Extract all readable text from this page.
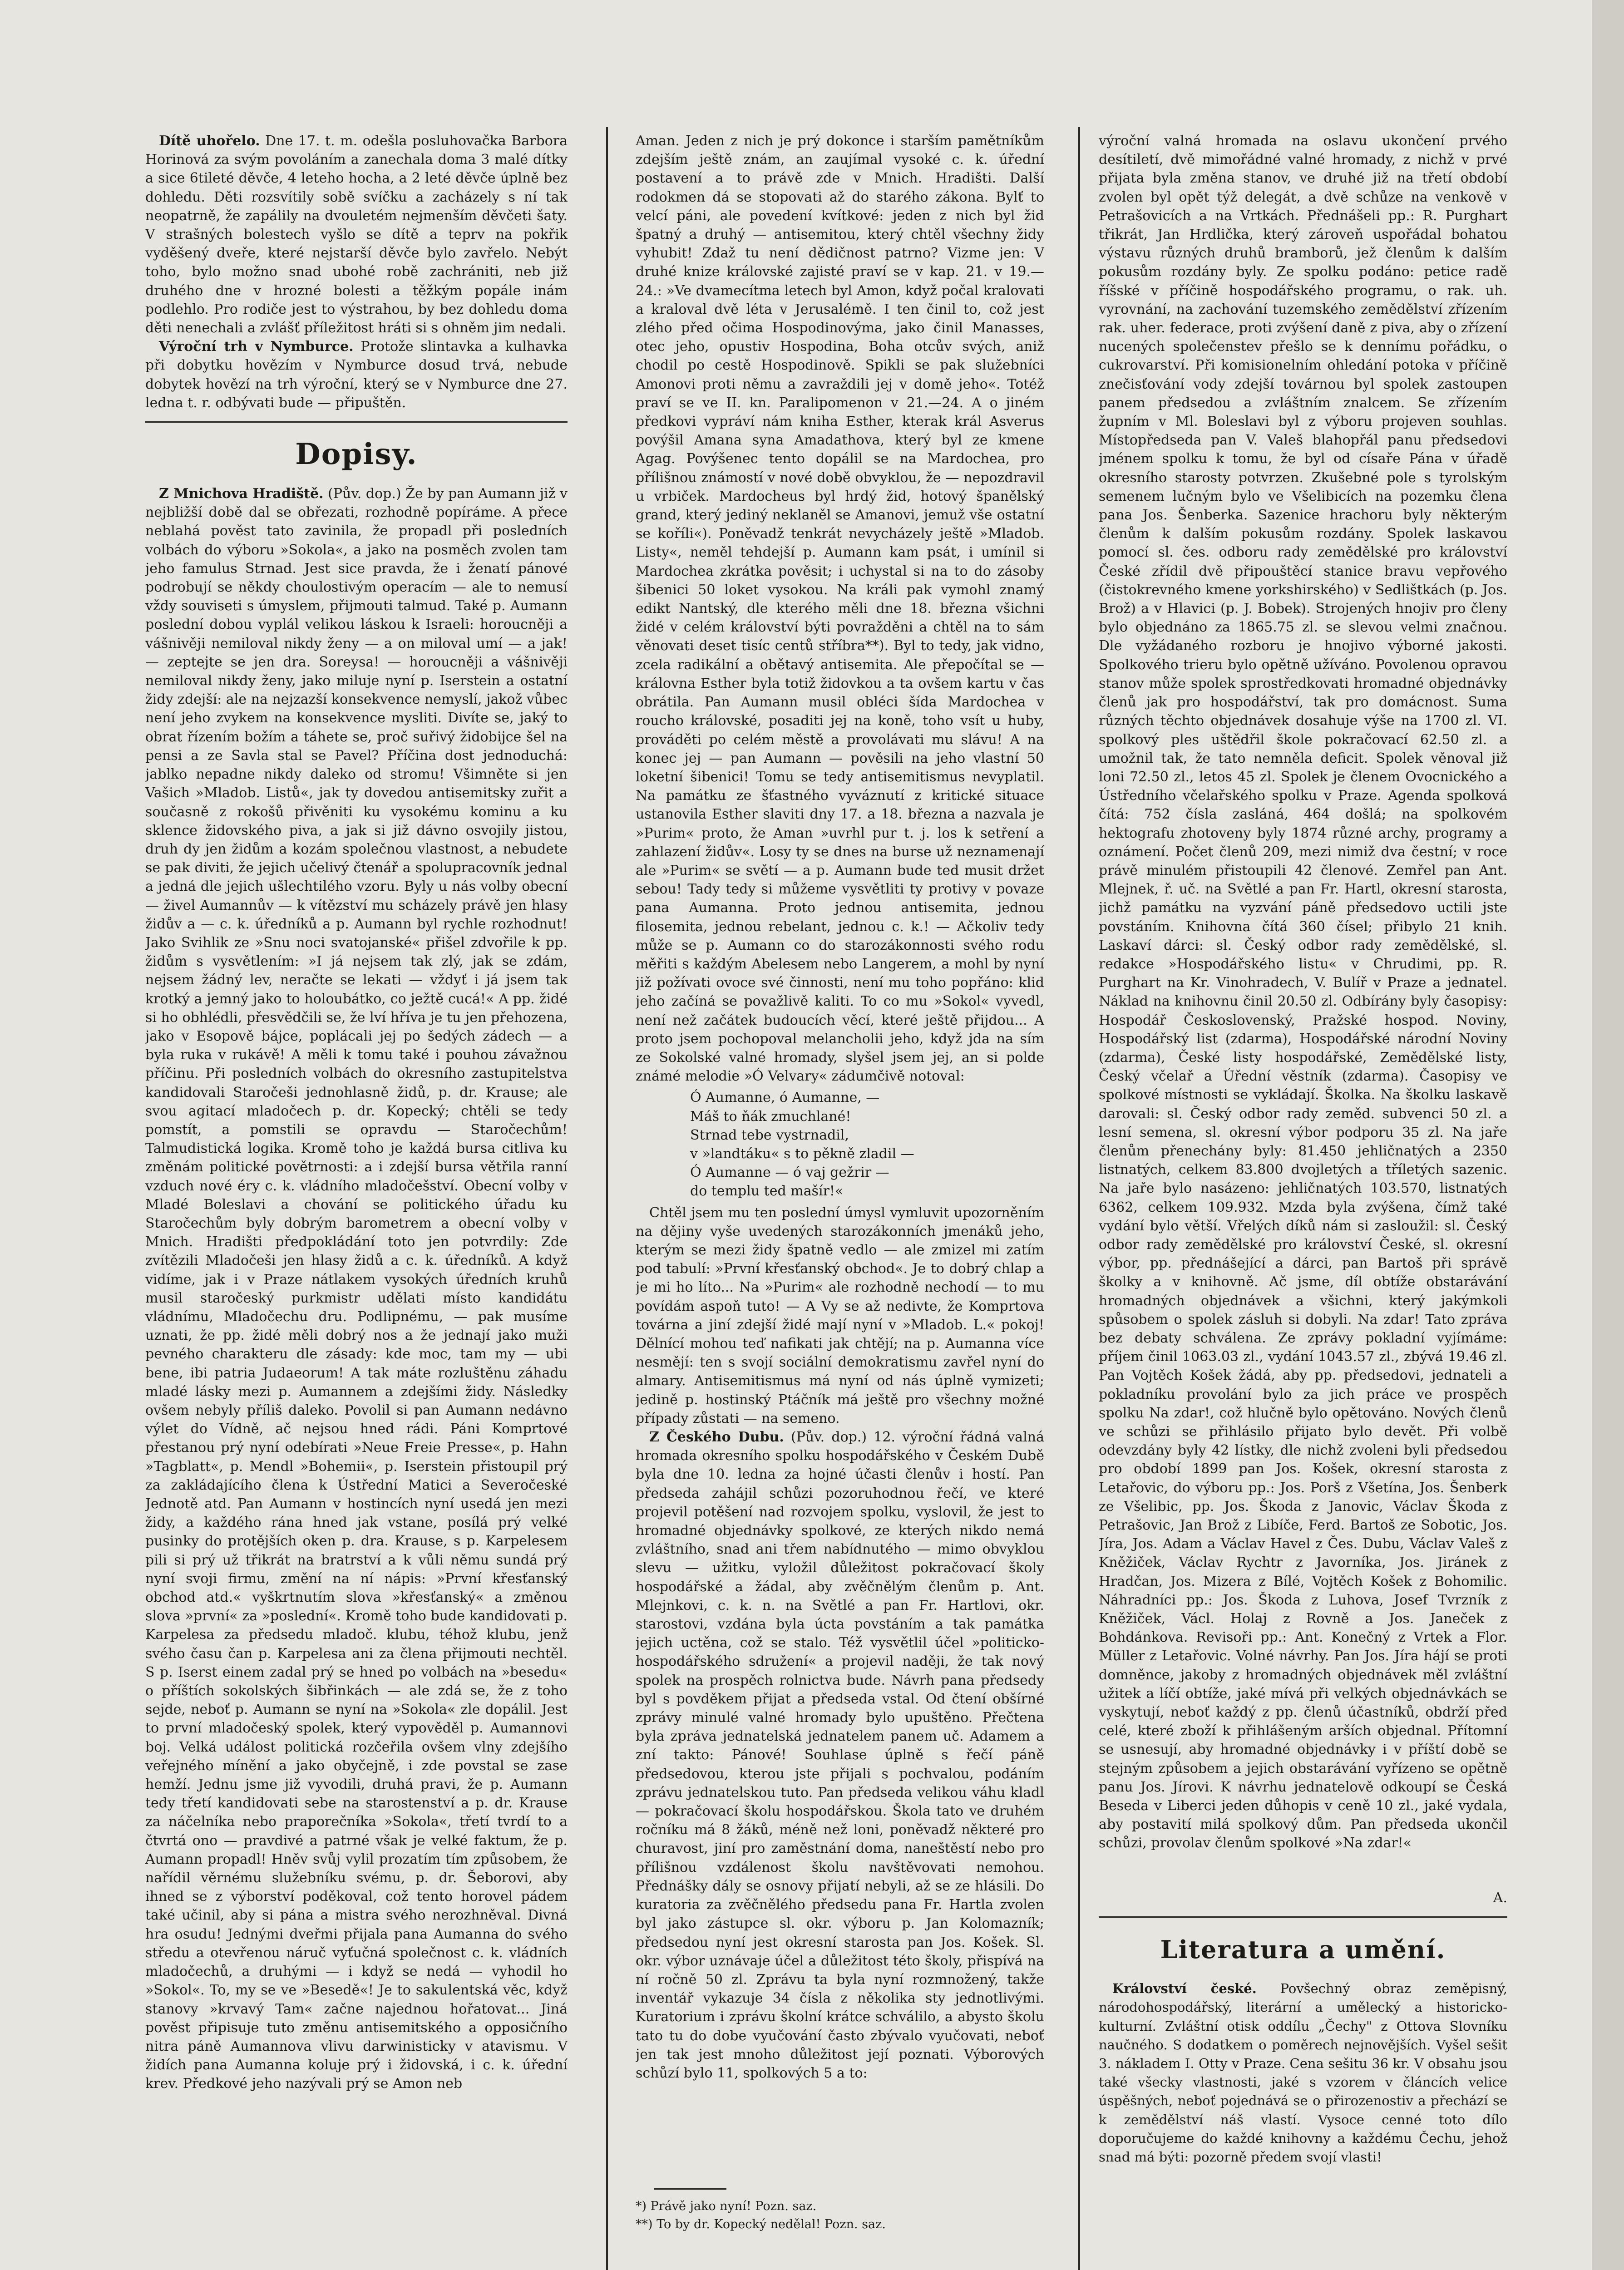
Dítě uhořelo. Dne 17. t. m. odešla posluhovačka Barbora Horinová za svým povoláním a zanechala doma 3 malé dítky a sice 6tileté děvče, 4 leteho hocha, a 2 leté děvče úplně bez dohledu. Děti rozsvítily sobě svíčku a zacházely s ní tak neopatrně, že zapálily na dvouletém nejmenším děvčeti šaty. V strašných bolestech vyšlo se dítě a teprv na pokřik vyděšený dveře, které nejstarší děvče bylo zavřelo. Nebýt toho, bylo možno snad ubohé robě zachrániti, neb již druhého dne v hrozné bolesti a těžkým popále inám podlehlo. Pro rodiče jest to výstrahou, by bez dohledu doma děti nenechali a zvlášť příležitost hráti si s ohněm jim nedali.

Výroční trh v Nymburce. Protože slintavka a kulhavka při dobytku hovězím v Nymburce dosud trvá, nebude dobytek hovězí na trh výroční, který se v Nymburce dne 27. ledna t. r. odbývati bude — připuštěn.

Dopisy.

Z Mnichova Hradiště. (Pův. dop.) Že by pan Aumann již v nejbližší době dal se obřezati, rozhodně popíráme. A přece neblahá pověst tato zavinila, že propadl při posledních volbách do výboru »Sokola«, a jako na posměch zvolen tam jeho famulus Strnad. Jest sice pravda, že i ženatí pánové podrobují se někdy choulostivým operacím — ale to nemusí vždy souviseti s úmyslem, přijmouti talmud. Také p. Aumann poslední dobou vyplál velikou láskou k Israeli: horoucněji a vášnivěji nemiloval nikdy ženy — a on miloval umí — a jak! — zeptejte se jen dra. Soreysa! — horoucněji a vášnivěji nemiloval nikdy ženy, jako miluje nyní p. Iserstein a ostatní židy zdejší: ale na nejzazší konsekvence nemyslí, jakož vůbec není jeho zvykem na konsekvence mysliti. Divíte se, jaký to obrat řízením božím a táhete se, proč suřivý židobijce šel na pensi a ze Savla stal se Pavel? Příčina dost jednoduchá: jablko nepadne nikdy daleko od stromu! Všimněte si jen Vašich »Mladob. Listů«, jak ty dovedou antisemitsky zuřit a současně z rokošů přivěniti ku vysokému kominu a ku sklence židovského piva, a jak si již dávno osvojily jistou, druh dy jen židům a kozám společnou vlastnost, a nebudete se pak diviti, že jejich učelivý čtenář a spolupracovník jednal a jedná dle jejich ušlechtilého vzoru. Byly u nás volby obecní — živel Aumannův — k vítězství mu scházely právě jen hlasy židův a — c. k. úředníků a p. Aumann byl rychle rozhodnut! Jako Svihlik ze »Snu noci svatojanské« přišel zdvořile k pp. židům s vysvětlením: »I já nejsem tak zlý, jak se zdám, nejsem žádný lev, neračte se lekati — vždyť i já jsem tak krotký a jemný jako to holoubátko, co ježtě cucá!« A pp. židé si ho obhlédli, přesvědčili se, že lví hříva je tu jen přehozena, jako v Esopově bájce, poplácali jej po šedých zádech — a byla ruka v rukávě! A měli k tomu také i pouhou závažnou příčinu. Při posledních volbách do okresního zastupitelstva kandidovali Staročeši jednohlasně židů, p. dr. Krause; ale svou agitací mladočech p. dr. Kopecký; chtěli se tedy pomstít, a pomstili se opravdu — Staročechům! Talmudistická logika. Kromě toho je každá bursa citliva ku změnám politické povětrnosti: a i zdejší bursa větřila ranní vzduch nové éry c. k. vládního mladočešství. Obecní volby v Mladé Boleslavi a chování se politického úřadu ku Staročechům byly dobrým barometrem a obecní volby v Mnich. Hradišti předpokládání toto jen potvrdily: Zde zvítězili Mladočeši jen hlasy židů a c. k. úředníků. A když vidíme, jak i v Praze nátlakem vysokých úředních kruhů musil staročeský purkmistr udělati místo kandidátu vládnímu, Mladočechu dru. Podlipnému, — pak musíme uznati, že pp. židé měli dobrý nos a že jednají jako muži pevného charakteru dle zásady: kde moc, tam my — ubi bene, ibi patria Judaeorum! A tak máte rozluštěnu záhadu mladé lásky mezi p. Aumannem a zdejšími židy. Následky ovšem nebyly příliš daleko. Povolil si pan Aumann nedávno výlet do Vídně, ač nejsou hned rádi. Páni Komprtové přestanou prý nyní odebírati »Neue Freie Presse«, p. Hahn »Tagblatt«, p. Mendl »Bohemii«, p. Iserstein přistoupil prý za zakládajícího člena k Ústřední Matici a Severočeské Jednotě atd. Pan Aumann v hostincích nyní usedá jen mezi židy, a každého rána hned jak vstane, posílá prý velké pusinky do protějších oken p. dra. Krause, s p. Karpelesem pili si prý už třikrát na bratrství a k vůli němu sundá prý nyní svoji firmu, změní na ní nápis: »První křesťanský obchod atd.« vyškrtnutím slova »křesťanský« a změnou slova »první« za »poslední«. Kromě toho bude kandidovati p. Karpelesa za předsedu mladoč. klubu, téhož klubu, jenž svého času čan p. Karpelesa ani za člena přijmouti nechtěl. S p. Iserst einem zadal prý se hned po volbách na »besedu« o příštích sokolských šibřinkách — ale zdá se, že z toho sejde, neboť p. Aumann se nyní na »Sokola« zle dopálil. Jest to první mladočeský spolek, který vypověděl p. Aumannovi boj. Velká událost politická rozčeřila ovšem vlny zdejšího veřejného mínění a jako obyčejně, i zde povstal se zase hemží. Jednu jsme již vyvodili, druhá pravi, že p. Aumann tedy třetí kandidovati sebe na starostenství a p. dr. Krause za náčelníka nebo praporečníka »Sokola«, třetí tvrdí to a čtvrtá ono — pravdivé a patrné však je velké faktum, že p. Aumann propadl! Hněv svůj vylil prozatím tím způsobem, že nařídil věrnému služebníku svému, p. dr. Šeborovi, aby ihned se z výborství poděkoval, což tento horovel pádem také učinil, aby si pána a mistra svého nerozhněval. Divná hra osudu! Jednými dveřmi přijala pana Aumanna do svého středu a otevřenou náruč vyťučná společnost c. k. vládních mladočechů, a druhými — i když se nedá — vyhodil ho »Sokol«. To, my se ve »Besedě«! Je to sakulentská věc, když stanovy »krvavý Tam« začne najednou hořatovat... Jiná pověst připisuje tuto změnu antisemitského a opposičního nitra páně Aumannova vlivu darwinisticky v atavismu. V židích pana Aumanna koluje prý i židovská, i c. k. úřední krev. Předkové jeho nazývali prý se Amon neb

Aman. Jeden z nich je prý dokonce i starším pamětníkům zdejším ještě znám, an zaujímal vysoké c. k. úřední postavení a to právě zde v Mnich. Hradišti. Další rodokmen dá se stopovati až do starého zákona. Bylť to velcí páni, ale povedení kvítkové: jeden z nich byl žid špatný a druhý — antisemitou, který chtěl všechny židy vyhubit! Zdaž tu není dědičnost patrno? Vizme jen: V druhé knize královské zajisté praví se v kap. 21. v 19.—24.: »Ve dvamecítma letech byl Amon, když počal kralovati a kraloval dvě léta v Jerusalémě. I ten činil to, což jest zlého před očima Hospodinovýma, jako činil Manasses, otec jeho, opustiv Hospodina, Boha otcův svých, aniž chodil po cestě Hospodinově. Spikli se pak služebníci Amonovi proti němu a zavraždili jej v domě jeho«. Totéž praví se ve II. kn. Paralipomenon v 21.—24. A o jiném předkovi vypráví nám kniha Esther, kterak král Asverus povýšil Amana syna Amadathova, který byl ze kmene Agag. Povýšenec tento dopálil se na Mardochea, pro přílišnou známostí v nové době obvyklou, že — nepozdravil u vrbiček. Mardocheus byl hrdý žid, hotový španělský grand, který jediný neklaněl se Amanovi, jemuž vše ostatní se koříli«). Poněvadž tenkrát nevycházely ještě »Mladob. Listy«, neměl tehdejší p. Aumann kam psát, i umínil si Mardochea zkrátka pověsit; i uchystal si na to do zásoby šibenici 50 loket vysokou. Na králi pak vymohl znamý edikt Nantský, dle kterého měli dne 18. března všichni židé v celém království býti povražděni a chtěl na to sám věnovati deset tisíc centů stříbra**). Byl to tedy, jak vidno, zcela radikální a obětavý antisemita. Ale přepočítal se — královna Esther byla totiž židovkou a ta ovšem kartu v čas obrátila. Pan Aumann musil obléci šída Mardochea v roucho královské, posaditi jej na koně, toho vsít u huby, prováděti po celém městě a provolávati mu slávu! A na konec jej — pan Aumann — pověsili na jeho vlastní 50 loketní šibenici! Tomu se tedy antisemitismus nevyplatil. Na památku ze šťastného vyváznutí z kritické situace ustanovila Esther slaviti dny 17. a 18. března a nazvala je »Purim« proto, že Aman »uvrhl pur t. j. los k setření a zahlazení židův«. Losy ty se dnes na burse už neznamenají ale »Purim« se světí — a p. Aumann bude ted musit držet sebou! Tady tedy si můžeme vysvětliti ty protivy v povaze pana Aumanna. Proto jednou antisemita, jednou filosemita, jednou rebelant, jednou c. k.! — Ačkoliv tedy může se p. Aumann co do starozákonnosti svého rodu měřiti s každým Abelesem nebo Langerem, a mohl by nyní již požívati ovoce své činnosti, není mu toho popřáno: klid jeho začíná se považlivě kaliti. To co mu »Sokol« vyvedl, není než začátek budoucích věcí, které ještě přijdou... A proto jsem pochopoval melancholii jeho, když jda na sím ze Sokolské valné hromady, slyšel jsem jej, an si polde známé melodie »Ó Velvary« zádumčivě notoval:

Ó Aumanne, ó Aumanne, —
Máš to ňák zmuchlané!
Strnad tebe vystrnadil,
v »landtáku« s to pěkně zladil —
Ó Aumanne — ó vaj gežrir —
do templu ted mašír!«

Chtěl jsem mu ten poslední úmysl vymluvit upozorněním na dějiny vyše uvedených starozákonních jmenáků jeho, kterým se mezi židy špatně vedlo — ale zmizel mi zatím pod tabulí: »První křesťanský obchod«. Je to dobrý chlap a je mi ho líto... Na »Purim« ale rozhodně nechodí — to mu povídám aspoň tuto! — A Vy se až nedivte, že Komprtova továrna a jiní zdejší židé mají nyní v »Mladob. L.« pokoj! Dělnící mohou teď nafikati jak chtějí; na p. Aumanna více nesmějí: ten s svojí sociální demokratismu zavřel nyní do almary. Antisemitismus má nyní od nás úplně vymizeti; jedině p. hostinský Ptáčník má ještě pro všechny možné případy zůstati — na semeno.

Z Českého Dubu. (Pův. dop.) 12. výroční řádná valná hromada okresního spolku hospodářského v Českém Dubě byla dne 10. ledna za hojné účasti členův i hostí. Pan předseda zahájil schůzi pozoruhodnou řečí, ve které projevil potěšení nad rozvojem spolku, vyslovil, že jest to hromadné objednávky spolkové, ze kterých nikdo nemá zvláštního, snad ani třem nabídnutého — mimo obvyklou slevu — užitku, vyložil důležitost pokračovací školy hospodářské a žádal, aby zvěčnělým členům p. Ant. Mlejnkovi, c. k. n. na Světlé a pan Fr. Hartlovi, okr. starostovi, vzdána byla úcta povstáním a tak památka jejich uctěna, což se stalo. Též vysvětlil účel »politicko-hospodářského sdružení« a projevil naději, že tak nový spolek na prospěch rolnictva bude. Návrh pana předsedy byl s povděkem přijat a předseda vstal. Od čtení obšírné zprávy minulé valné hromady bylo upuštěno. Přečtena byla zpráva jednatelská jednatelem panem uč. Adamem a zní takto: Pánové! Souhlase úplně s řečí páně předsedovou, kterou jste přijali s pochvalou, podáním zprávu jednatelskou tuto. Pan předseda velikou váhu kladl — pokračovací školu hospodářskou. Škola tato ve druhém ročníku má 8 žáků, méně než loni, poněvadž některé pro churavost, jiní pro zaměstnání doma, naneštěstí nebo pro přílišnou vzdálenost školu navštěvovati nemohou. Přednášky dály se osnovy přijatí nebyli, až se ze hlásili. Do kuratoria za zvěčnělého předsedu pana Fr. Hartla zvolen byl jako zástupce sl. okr. výboru p. Jan Kolomazník; předsedou nyní jest okresní starosta pan Jos. Košek. Sl. okr. výbor uznávaje účel a důležitost této školy, přispívá na ní ročně 50 zl. Zprávu ta byla nyní rozmnožený, takže inventář vykazuje 34 čísla z několika sty jednotlivými. Kuratorium i zprávu školní krátce schválilo, a abysto školu tato tu do dobe vyučování často zbývalo vyučovati, neboť jen tak jest mnoho důležitost její poznati. Výborových schůzí bylo 11, spolkových 5 a to:

*) Právě jako nyní! Pozn. saz.

**) To by dr. Kopecký nedělal! Pozn. saz.

výroční valná hromada na oslavu ukončení prvého desítiletí, dvě mimořádné valné hromady, z nichž v prvé přijata byla změna stanov, ve druhé již na třetí období zvolen byl opět týž delegát, a dvě schůze na venkově v Petrašovicích a na Vrtkách. Přednášeli pp.: R. Purghart třikrát, Jan Hrdlička, který zároveň uspořádal bohatou výstavu různých druhů bramborů, jež členům k dalším pokusům rozdány byly. Ze spolku podáno: petice radě říšské v příčině hospodářského programu, o rak. uh. vyrovnání, na zachování tuzemského zemědělství zřízením rak. uher. federace, proti zvýšení daně z piva, aby o zřízení nucených společenstev přešlo se k dennímu pořádku, o cukrovarství. Při komisionelním ohledání potoka v příčině znečisťování vody zdejší továrnou byl spolek zastoupen panem předsedou a zvláštním znalcem. Se zřízením župním v Ml. Boleslavi byl z výboru projeven souhlas. Místopředseda pan V. Valeš blahopřál panu předsedovi jménem spolku k tomu, že byl od císaře Pána v úřadě okresního starosty potvrzen. Zkušebné pole s tyrolským semenem lučným bylo ve Všelibicích na pozemku člena pana Jos. Šenberka. Sazenice hrachoru byly některým členům k dalším pokusům rozdány. Spolek laskavou pomocí sl. čes. odboru rady zemědělské pro království České zřídil dvě připouštěcí stanice bravu vepřového (čistokrevného kmene yorkshirského) v Sedlištkách (p. Jos. Brož) a v Hlavici (p. J. Bobek). Strojených hnojiv pro členy bylo objednáno za 1865.75 zl. se slevou velmi značnou. Dle vyžádaného rozboru je hnojivo výborné jakosti. Spolkového trieru bylo opětně užíváno. Povolenou opravou stanov může spolek sprostředkovati hromadné objednávky členů jak pro hospodářství, tak pro domácnost. Suma různých těchto objednávek dosahuje výše na 1700 zl. VI. spolkový ples uštědřil škole pokračovací 62.50 zl. a umožnil tak, že tato nemněla deficit. Spolek věnoval již loni 72.50 zl., letos 45 zl. Spolek je členem Ovocnického a Ústředního včelařského spolku v Praze. Agenda spolková čítá: 752 čísla zasláná, 464 došlá; na spolkovém hektografu zhotoveny byly 1874 různé archy, programy a oznámení. Počet členů 209, mezi nimiž dva čestní; v roce právě minulém přistoupili 42 členové. Zemřel pan Ant. Mlejnek, ř. uč. na Světlé a pan Fr. Hartl, okresní starosta, jichž památku na vyzvání páně předsedovo uctili jste povstáním. Knihovna čítá 360 čísel; přibylo 21 knih. Laskaví dárci: sl. Český odbor rady zemědělské, sl. redakce »Hospodářského listu« v Chrudimi, pp. R. Purghart na Kr. Vinohradech, V. Bulíř v Praze a jednatel. Náklad na knihovnu činil 20.50 zl. Odbírány byly časopisy: Hospodář Československý, Pražské hospod. Noviny, Hospodářský list (zdarma), Hospodářské národní Noviny (zdarma), České listy hospodářské, Zemědělské listy, Český včelař a Úřední věstník (zdarma). Časopisy ve spolkové místnosti se vykládají. Školka. Na školku laskavě darovali: sl. Český odbor rady zeměd. subvenci 50 zl. a lesní semena, sl. okresní výbor podporu 35 zl. Na jaře členům přenechány byly: 81.450 jehličnatých a 2350 listnatých, celkem 83.800 dvojletých a tříletých sazenic. Na jaře bylo nasázeno: jehličnatých 103.570, listnatých 6362, celkem 109.932. Mzda byla zvýšena, čímž také vydání bylo větší. Vřelých díků nám si zasloužil: sl. Český odbor rady zemědělské pro království České, sl. okresní výbor, pp. přednášející a dárci, pan Bartoš při správě školky a v knihovně. Ač jsme, díl obtíže obstarávání hromadných objednávek a všichni, který jakýmkoli spůsobem o spolek zásluh si dobyli. Na zdar! Tato zpráva bez debaty schválena. Ze zprávy pokladní vyjímáme: příjem činil 1063.03 zl., vydání 1043.57 zl., zbývá 19.46 zl. Pan Vojtěch Košek žádá, aby pp. předsedovi, jednateli a pokladníku provolání bylo za jich práce ve prospěch spolku Na zdar!, což hlučně bylo opětováno. Nových členů ve schůzi se přihlásilo přijato bylo devět. Při volbě odevzdány byly 42 lístky, dle nichž zvoleni byli předsedou pro období 1899 pan Jos. Košek, okresní starosta z Letařovic, do výboru pp.: Jos. Porš z Všetína, Jos. Šenberk ze Všelibic, pp. Jos. Škoda z Janovic, Václav Škoda z Petrašovic, Jan Brož z Libíče, Ferd. Bartoš ze Sobotic, Jos. Jíra, Jos. Adam a Václav Havel z Čes. Dubu, Václav Valeš z Kněžiček, Václav Rychtr z Javorníka, Jos. Jiránek z Hradčan, Jos. Mizera z Bílé, Vojtěch Košek z Bohomilic. Náhradníci pp.: Jos. Škoda z Luhova, Josef Tvrzník z Kněžiček, Václ. Holaj z Rovně a Jos. Janeček z Bohdánkova. Revisoři pp.: Ant. Konečný z Vrtek a Flor. Müller z Letařovic. Volné návrhy. Pan Jos. Jíra hájí se proti domněnce, jakoby z hromadných objednávek měl zvláštní užitek a líčí obtíže, jaké mívá při velkých objednávkách se vyskytují, neboť každý z pp. členů účastníků, obdrží před celé, které zboží k přihlášeným arších objednal. Přítomní se usnesují, aby hromadné objednávky i v příští době se stejným způsobem a jejich obstarávání vyřízeno se opětně panu Jos. Jírovi. K návrhu jednatelově odkoupí se Česká Beseda v Liberci jeden důhopis v ceně 10 zl., jaké vydala, aby postavití milá spolkový dům. Pan předseda ukončil schůzi, provolav členům spolkové »Na zdar!«

A.

Literatura a umění.

Království české. Povšechný obraz zeměpisný, národohospodářský, literární a umělecký a historicko-kulturní. Zvláštní otisk oddílu „Čechy" z Ottova Slovníku naučného. S dodatkem o poměrech nejnovějších. Vyšel sešit 3. nákladem I. Otty v Praze. Cena sešitu 36 kr. V obsahu jsou také všecky vlastnosti, jaké s vzorem v článcích velice úspěšných, neboť pojednává se o přirozenostiv a přechází se k zemědělství náš vlastí. Vysoce cenné toto dílo doporučujeme do každé knihovny a každému Čechu, jehož snad má býti: pozorně předem svojí vlasti!
